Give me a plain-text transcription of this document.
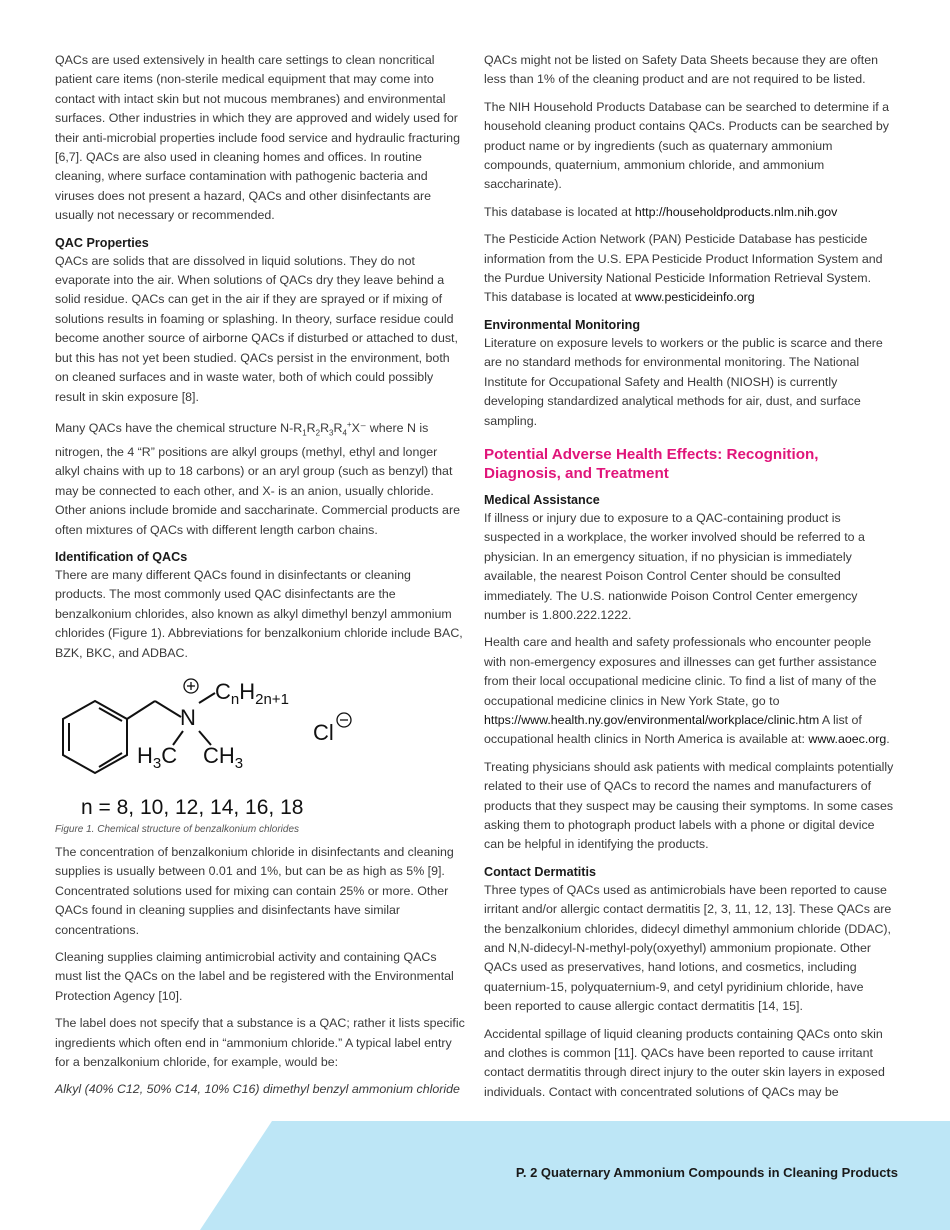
P. 2 Quaternary Ammonium Compounds in Cleaning Products

QACs are used extensively in health care settings to clean noncritical patient care items (non-sterile medical equipment that may come into contact with intact skin but not mucous membranes) and environmental surfaces. Other industries in which they are approved and widely used for their anti-microbial properties include food service and hydraulic fracturing [6,7]. QACs are also used in cleaning homes and offices. In routine cleaning, where surface contamination with pathogenic bacteria and viruses does not present a hazard, QACs and other disinfectants are usually not necessary or recommended.

QAC Properties

QACs are solids that are dissolved in liquid solutions. They do not evaporate into the air. When solutions of QACs dry they leave behind a solid residue. QACs can get in the air if they are sprayed or if mixing of solutions results in foaming or splashing. In theory, surface residue could become another source of airborne QACs if disturbed or attached to dust, but this has not yet been studied. QACs persist in the environment, both on cleaned surfaces and in waste water, both of which could possibly result in skin exposure [8].

Many QACs have the chemical structure $N-R_1R_2R_3R_4^+X^-$ where N is nitrogen, the 4 “R” positions are alkyl groups (methyl, ethyl and longer alkyl chains with up to 18 carbons) or an aryl group (such as benzyl) that may be connected to each other, and X- is an anion, usually chloride. Other anions include bromide and saccharinate. Commercial products are often mixtures of QACs with different length carbon chains.

Identification of QACs

There are many different QACs found in disinfectants or cleaning products. The most commonly used QAC disinfectants are the benzalkonium chlorides, also known as alkyl dimethyl benzyl ammonium chlorides (Figure 1). Abbreviations for benzalkonium chloride include BAC, BZK, BKC, and ADBAC.

N
$C_nH_{2n+1}$
$H_3C$ $CH_3$
Cl
n = 8, 10, 12, 14, 16, 18
Figure 1. Chemical structure of benzalkonium chlorides

The concentration of benzalkonium chloride in disinfectants and cleaning supplies is usually between 0.01 and 1%, but can be as high as 5% [9]. Concentrated solutions used for mixing can contain 25% or more. Other QACs found in cleaning supplies and disinfectants have similar concentrations.

Cleaning supplies claiming antimicrobial activity and containing QACs must list the QACs on the label and be registered with the Environmental Protection Agency [10].

The label does not specify that a substance is a QAC; rather it lists specific ingredients which often end in “ammonium chloride.” A typical label entry for a benzalkonium chloride, for example, would be:

Alkyl (40% C12, 50% C14, 10% C16) dimethyl benzyl ammonium chloride

QACs might not be listed on Safety Data Sheets because they are often less than 1% of the cleaning product and are not required to be listed.

The NIH Household Products Database can be searched to determine if a household cleaning product contains QACs. Products can be searched by product name or by ingredients (such as quaternary ammonium compounds, quaternium, ammonium chloride, and ammonium saccharinate).

This database is located at http://householdproducts.nlm.nih.gov

The Pesticide Action Network (PAN) Pesticide Database has pesticide information from the U.S. EPA Pesticide Product Information System and the Purdue University National Pesticide Information Retrieval System. This database is located at www.pesticideinfo.org

Environmental Monitoring

Literature on exposure levels to workers or the public is scarce and there are no standard methods for environmental monitoring. The National Institute for Occupational Safety and Health (NIOSH) is currently developing standardized analytical methods for air, dust, and surface sampling.

Potential Adverse Health Effects: Recognition, Diagnosis, and Treatment
Medical Assistance

If illness or injury due to exposure to a QAC-containing product is suspected in a workplace, the worker involved should be referred to a physician. In an emergency situation, if no physician is immediately available, the nearest Poison Control Center should be consulted immediately. The U.S. nationwide Poison Control Center emergency number is 1.800.222.1222.

Health care and health and safety professionals who encounter people with non-emergency exposures and illnesses can get further assistance from their local occupational medicine clinic. To find a list of many of the occupational medicine clinics in New York State, go to https://www.health.ny.gov/environmental/workplace/clinic.htm A list of occupational health clinics in North America is available at: www.aoec.org.

Treating physicians should ask patients with medical complaints potentially related to their use of QACs to record the names and manufacturers of products that they suspect may be causing their symptoms. In some cases asking them to photograph product labels with a phone or digital device can be helpful in identifying the products.

Contact Dermatitis

Three types of QACs used as antimicrobials have been reported to cause irritant and/or allergic contact dermatitis [2, 3, 11, 12, 13]. These QACs are the benzalkonium chlorides, didecyl dimethyl ammonium chloride (DDAC), and N,N-didecyl-N-methyl-poly(oxyethyl) ammonium propionate. Other QACs used as preservatives, hand lotions, and cosmetics, including quaternium-15, polyquaternium-9, and cetyl pyridinium chloride, have been reported to cause allergic contact dermatitis [14, 15].

Accidental spillage of liquid cleaning products containing QACs onto skin and clothes is common [11]. QACs have been reported to cause irritant contact dermatitis through direct injury to the outer skin layers in exposed individuals. Contact with concentrated solutions of QACs may be
